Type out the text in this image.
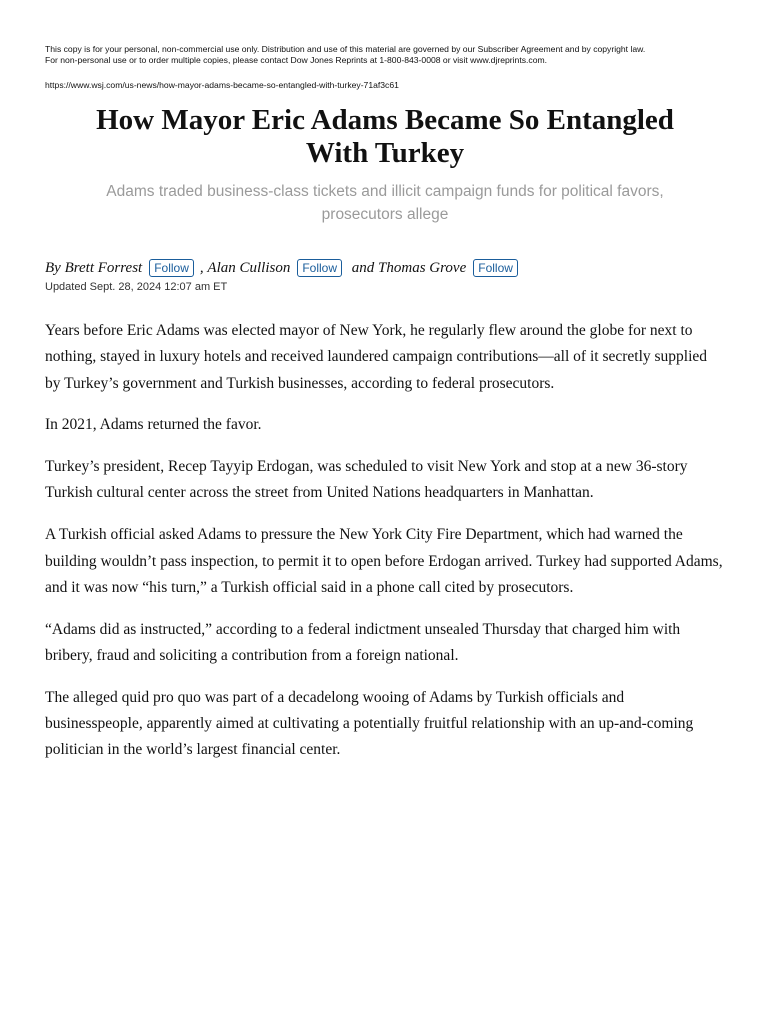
This copy is for your personal, non-commercial use only. Distribution and use of this material are governed by our Subscriber Agreement and by copyright law.
For non-personal use or to order multiple copies, please contact Dow Jones Reprints at 1-800-843-0008 or visit www.djreprints.com.
https://www.wsj.com/us-news/how-mayor-adams-became-so-entangled-with-turkey-71af3c61
How Mayor Eric Adams Became So Entangled
With Turkey
Adams traded business-class tickets and illicit campaign funds for political favors,
prosecutors allege
By
Brett Forrest	Follow ,
Alan Cullison	Follow
and
Thomas Grove	Follow
Updated Sept. 28, 2024 12:07 am ET

Years before Eric Adams was elected mayor of New York, he regularly flew around the globe for next to nothing, stayed in luxury hotels and received laundered campaign contributions—all of it secretly supplied by Turkey’s government and Turkish businesses, according to federal prosecutors.

In 2021, Adams returned the favor.

Turkey’s president, Recep Tayyip Erdogan, was scheduled to visit New York and stop at a new 36-story Turkish cultural center across the street from United Nations headquarters in Manhattan.

A Turkish official asked Adams to pressure the New York City Fire Department, which had warned the building wouldn’t pass inspection, to permit it to open before Erdogan arrived. Turkey had supported Adams, and it was now “his turn,” a Turkish official said in a phone call cited by prosecutors.

“Adams did as instructed,” according to a federal indictment unsealed Thursday that charged him with bribery, fraud and soliciting a contribution from a foreign national.

The alleged quid pro quo was part of a decadelong wooing of Adams by Turkish officials and businesspeople, apparently aimed at cultivating a potentially fruitful relationship with an up-and-coming politician in the world’s largest financial center.
